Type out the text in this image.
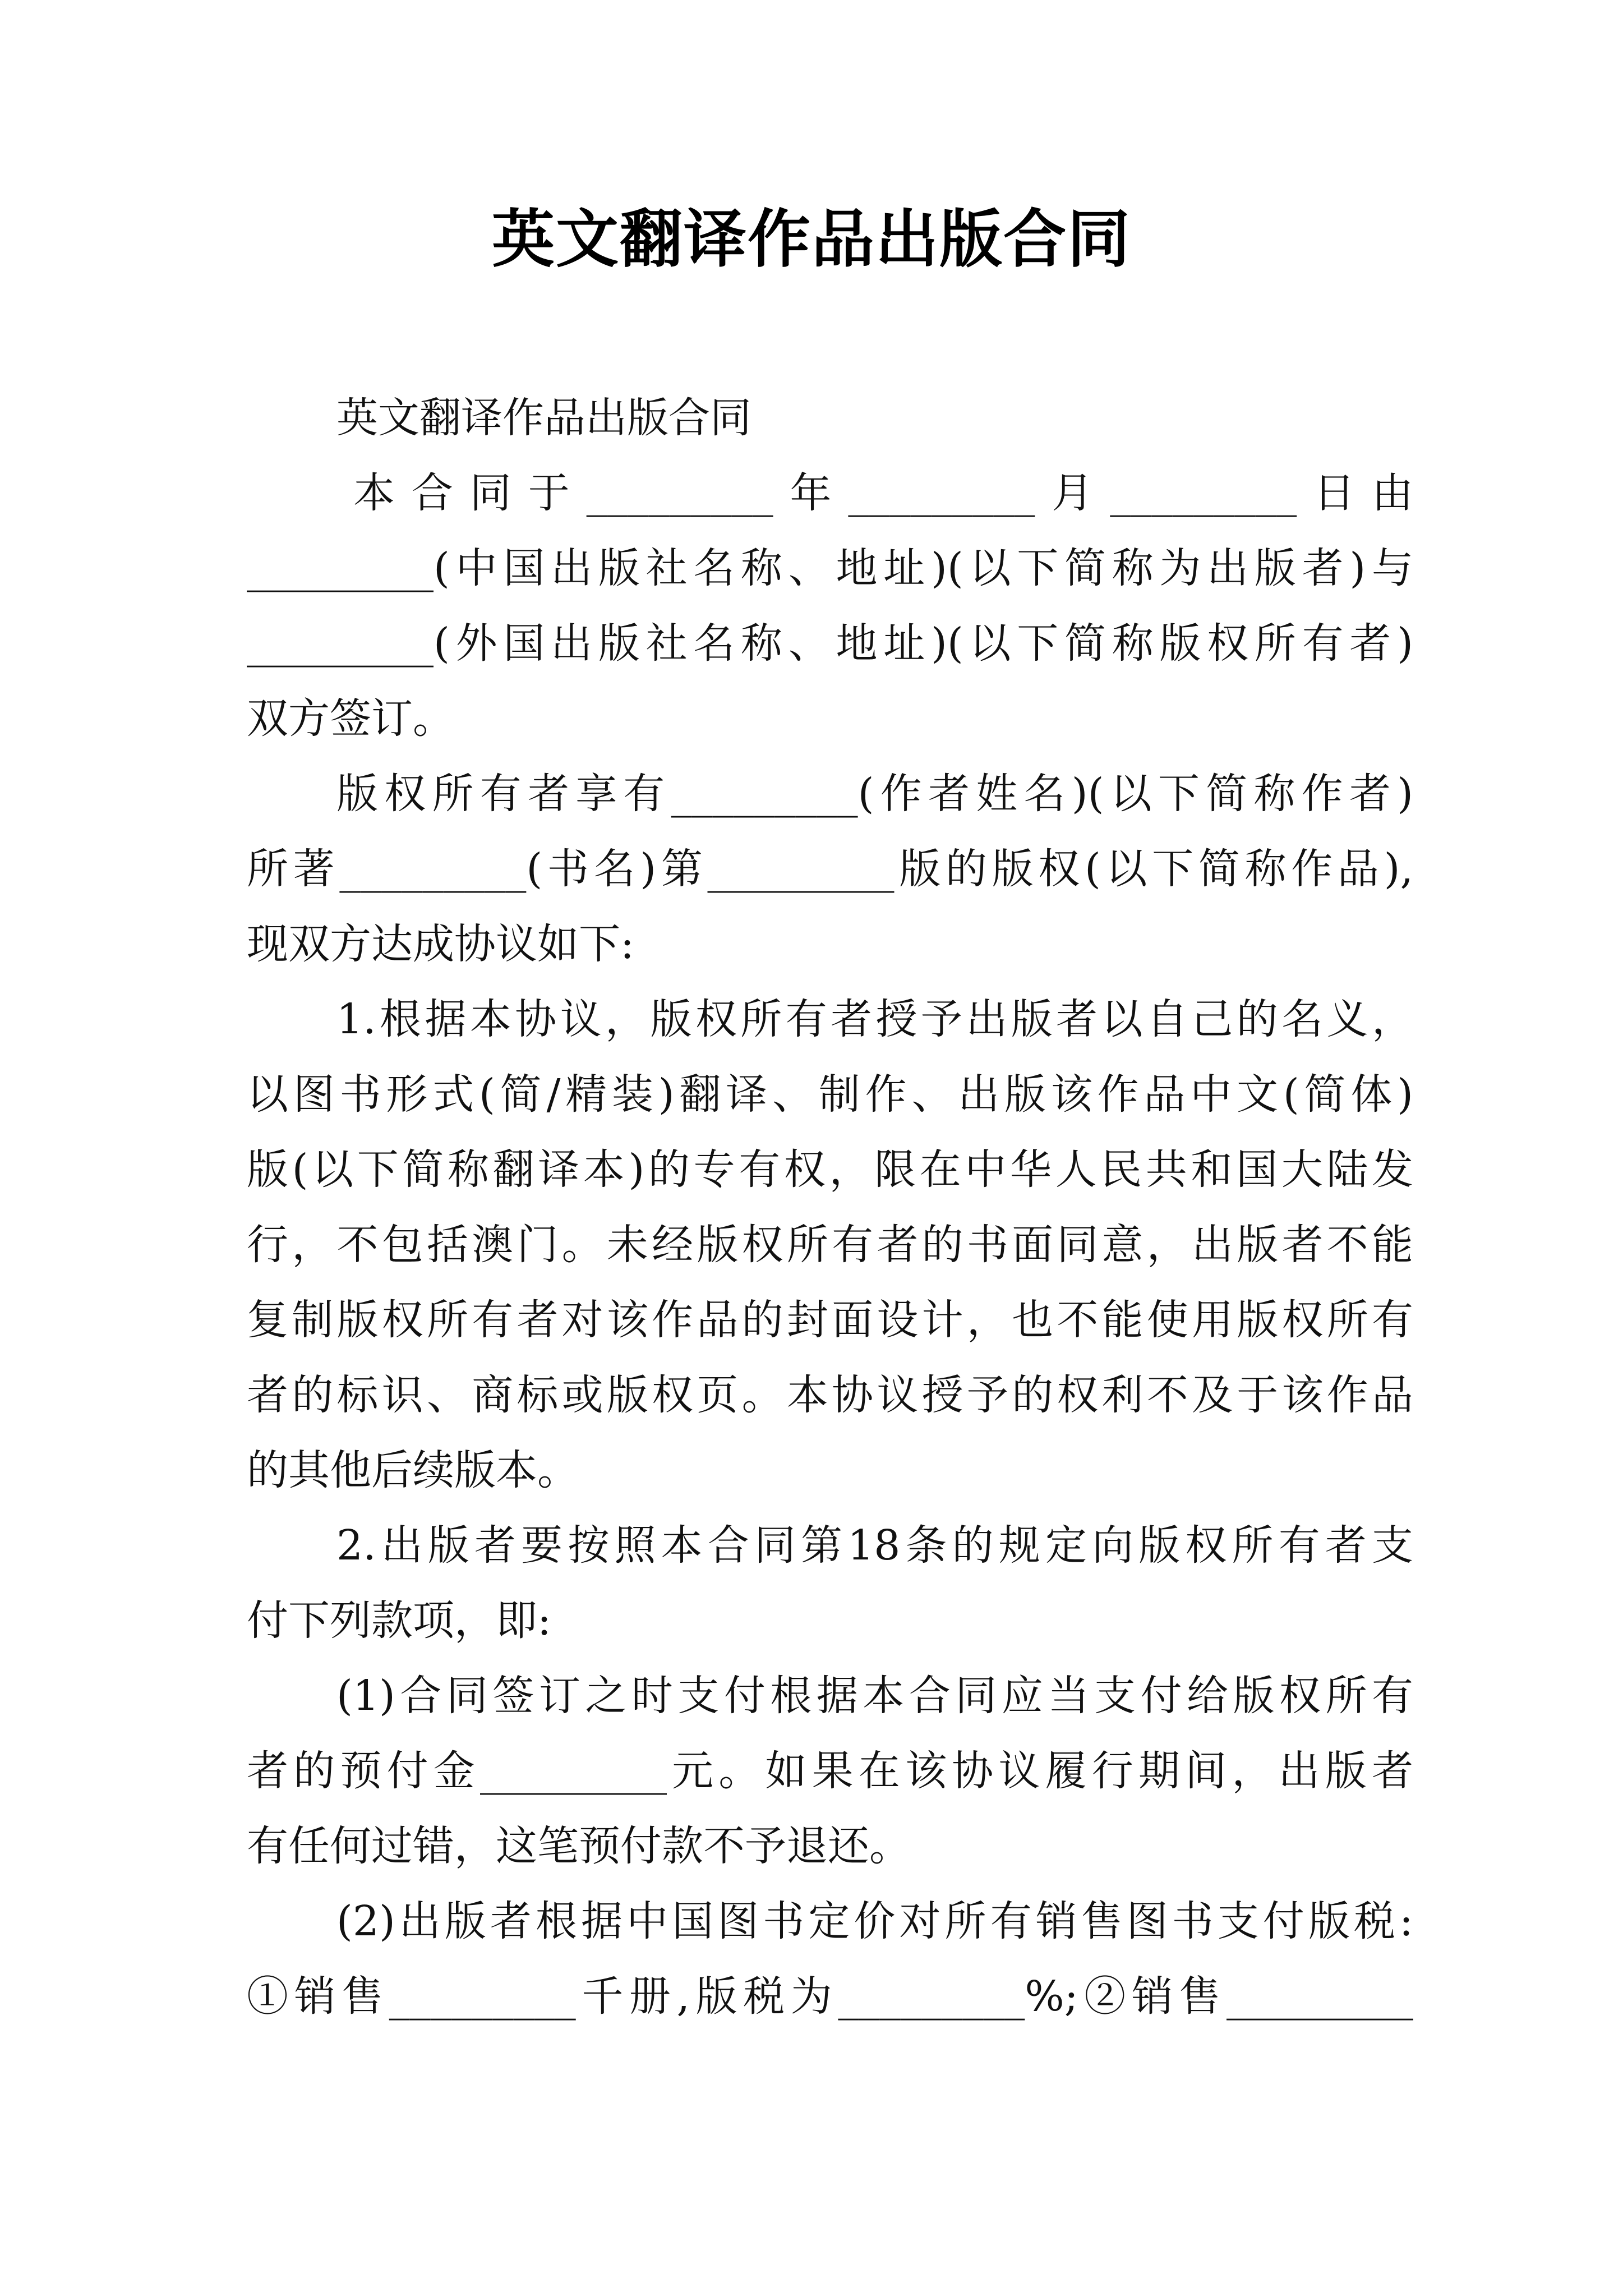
英文翻译作品出版合同
英文翻译作品出版合同
本合同于_________年_________月_________日由
_________(中国出版社名称、地址)(以下简称为出版者)与
_________(外国出版社名称、地址)(以下简称版权所有者)
双方签订。
版权所有者享有_________(作者姓名)(以下简称作者)
所著_________(书名)第_________版的版权(以下简称作品),
现双方达成协议如下:
1.根据本协议，版权所有者授予出版者以自己的名义，
以图书形式(简/精装)翻译、制作、出版该作品中文(简体)
版(以下简称翻译本)的专有权，限在中华人民共和国大陆发
行，不包括澳门。未经版权所有者的书面同意，出版者不能
复制版权所有者对该作品的封面设计，也不能使用版权所有
者的标识、商标或版权页。本协议授予的权利不及于该作品
的其他后续版本。
2.出版者要按照本合同第18条的规定向版权所有者支
付下列款项，即:
(1)合同签订之时支付根据本合同应当支付给版权所有
者的预付金_________元。如果在该协议履行期间，出版者
有任何过错，这笔预付款不予退还。
(2)出版者根据中国图书定价对所有销售图书支付版税:
①销售_________千册,版税为_________%;②销售_________
